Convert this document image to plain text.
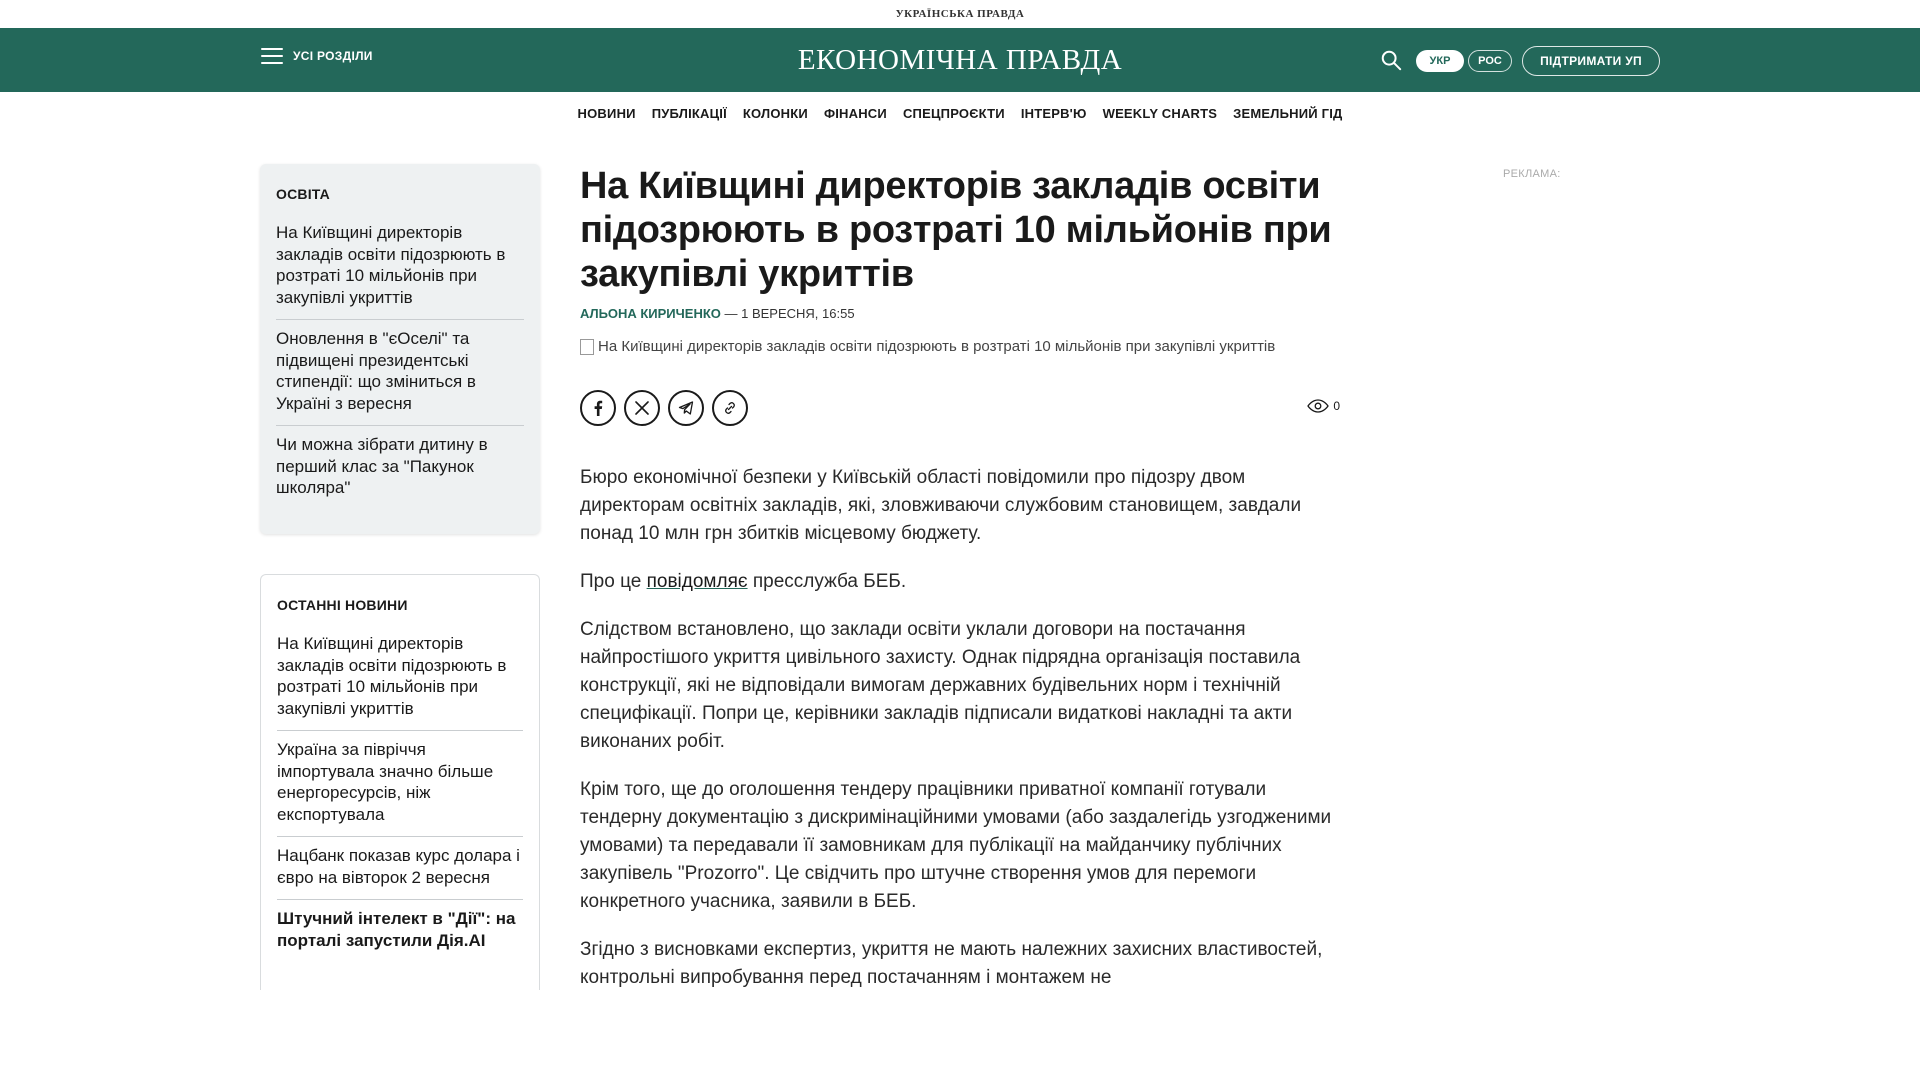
УКРАЇНСЬКА ПРАВДА
УСІ РОЗДІЛИ	ЕКОНОМІЧНА ПРАВДА	УКР	РОС	ПІДТРИМАТИ УП
НОВИНИ ПУБЛІКАЦІЇ КОЛОНКИ ФІНАНСИ СПЕЦПРОЄКТИ ІНТЕРВ'Ю WEEKLY CHARTS ЗЕМЕЛЬНИЙ ГІД
ОСВІТА
На Київщині директорів закладів освіти підозрюють в розтраті 10 мільйонів при закупівлі укриттів
Оновлення в "єОселі" та підвищені президентські стипендії: що зміниться в Україні з вересня
Чи можна зібрати дитину в перший клас за "Пакунок школяра"
ОСТАННІ НОВИНИ
На Київщині директорів закладів освіти підозрюють в розтраті 10 мільйонів при закупівлі укриттів
Україна за півріччя імпортувала значно більше енергоресурсів, ніж експортувала
Нацбанк показав курс долара і євро на вівторок 2 вересня
Штучний інтелект в "Дії": на порталі запустили Дія.AI
На Київщині директорів закладів освіти підозрюють в розтраті 10 мільйонів при закупівлі укриттів
АЛЬОНА КИРИЧЕНКО — 1 ВЕРЕСНЯ, 16:55
На Київщині директорів закладів освіти підозрюють в розтраті 10 мільйонів при закупівлі укриттів
0

Бюро економічної безпеки у Київській області повідомили про підозру двом директорам освітніх закладів, які, зловживаючи службовим становищем, завдали понад 10 млн грн збитків місцевому бюджету.

Про це повідомляє пресслужба БЕБ.

Слідством встановлено, що заклади освіти уклали договори на постачання найпростішого укриття цивільного захисту. Однак підрядна організація поставила конструкції, які не відповідали вимогам державних будівельних норм і технічній специфікації. Попри це, керівники закладів підписали видаткові накладні та акти виконаних робіт.

Крім того, ще до оголошення тендеру працівники приватної компанії готували тендерну документацію з дискримінаційними умовами (або заздалегідь узгодженими умовами) та передавали її замовникам для публікації на майданчику публічних закупівель "Prozorro". Це свідчить про штучне створення умов для перемоги конкретного учасника, заявили в БЕБ.

Згідно з висновками експертиз, укриття не мають належних захисних властивостей, контрольні випробування перед постачанням і монтажем не

РЕКЛАМА:
